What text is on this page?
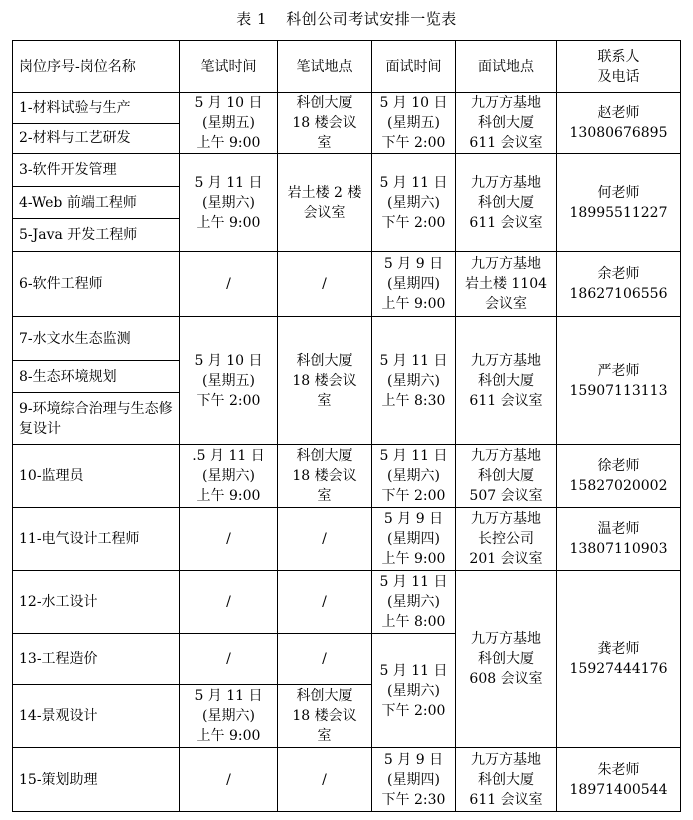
表 1 科创公司考试安排一览表
岗位序号-岗位名称	笔试时间	笔试地点	面试时间	面试地点	联系人
及电话

1-材料试验与生产	5 月 10 日
(星期五)
上午 9:00	科创大厦
18 楼会议
室	5 月 10 日
(星期五)
下午 2:00	九万方基地
科创大厦
611 会议室	赵老师
13080676895

2-材料与工艺研发					
3-软件开发管理	5 月 11 日
(星期六)
上午 9:00	岩土楼 2 楼
会议室	5 月 11 日
(星期六)
下午 2:00	九万方基地
科创大厦
611 会议室	何老师
18995511227

4-Web 前端工程师					
5-Java 开发工程师					
6-软件工程师	/	/	5 月 9 日
(星期四)
上午 9:00	九万方基地
岩土楼 1104
会议室	余老师
18627106556

7-水文水生态监测	5 月 10 日
(星期五)
下午 2:00	科创大厦
18 楼会议
室	5 月 11 日
(星期六)
上午 8:30	九万方基地
科创大厦
611 会议室	严老师
15907113113

8-生态环境规划					
9-环境综合治理与生态修复设计					
10-监理员	.5 月 11 日
(星期六)
上午 9:00	科创大厦
18 楼会议
室	5 月 11 日
(星期六)
下午 2:00	九万方基地
科创大厦
507 会议室	徐老师
15827020002

11-电气设计工程师	/	/	5 月 9 日
(星期四)
上午 9:00	九万方基地
长控公司
201 会议室	温老师
13807110903

12-水工设计	/	/	5 月 11 日
(星期六)
上午 8:00	九万方基地
科创大厦
608 会议室	龚老师
15927444176

13-工程造价	/	/	5 月 11 日
(星期六)
下午 2:00		

14-景观设计	5 月 11 日
(星期六)
上午 9:00	科创大厦
18 楼会议
室			

15-策划助理	/	/	5 月 9 日
(星期四)
下午 2:30	九万方基地
科创大厦
611 会议室	朱老师
18971400544
